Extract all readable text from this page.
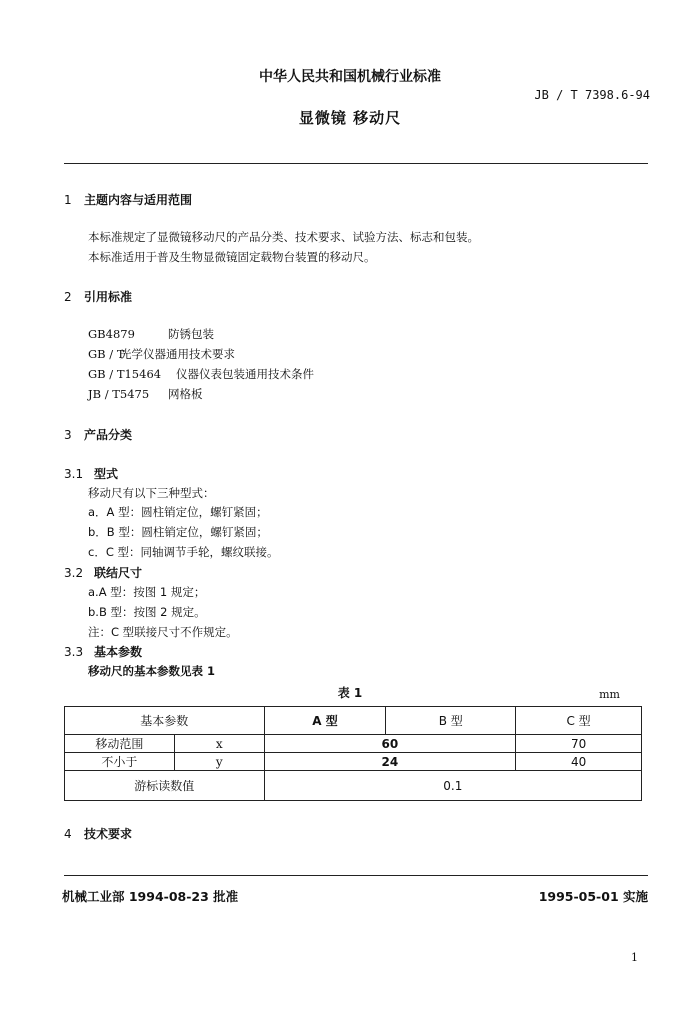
中华人民共和国机械行业标准
JB / T 7398.6-94
显微镜 移动尺
1 主题内容与适用范围
本标准规定了显微镜移动尺的产品分类、技术要求、试验方法、标志和包装。
本标准适用于普及生物显微镜固定载物台装置的移动尺。
2 引用标准
GB4879	防锈包装
GB / T光学仪器通用技术要求
GB / T15464 仪器仪表包装通用技术条件
JB / T5475 网格板
3 产品分类
3.1 型式
移动尺有以下三种型式：
a．A 型：圆柱销定位，螺钉紧固；
b．B 型：圆柱销定位，螺钉紧固；
c．C 型：同轴调节手轮，螺纹联接。
3.2 联结尺寸
a.A 型：按图 1 规定；
b.B 型：按图 2 规定。
注：C 型联接尺寸不作规定。
3.3 基本参数
移动尺的基本参数见表 1
表 1	mm
基本参数		A 型	B 型	C 型
移动范围	x	60		70
不小于	y	24		40
游标读数值		0.1		
4 技术要求
机械工业部 1994-08-23 批准	1995-05-01 实施
1
